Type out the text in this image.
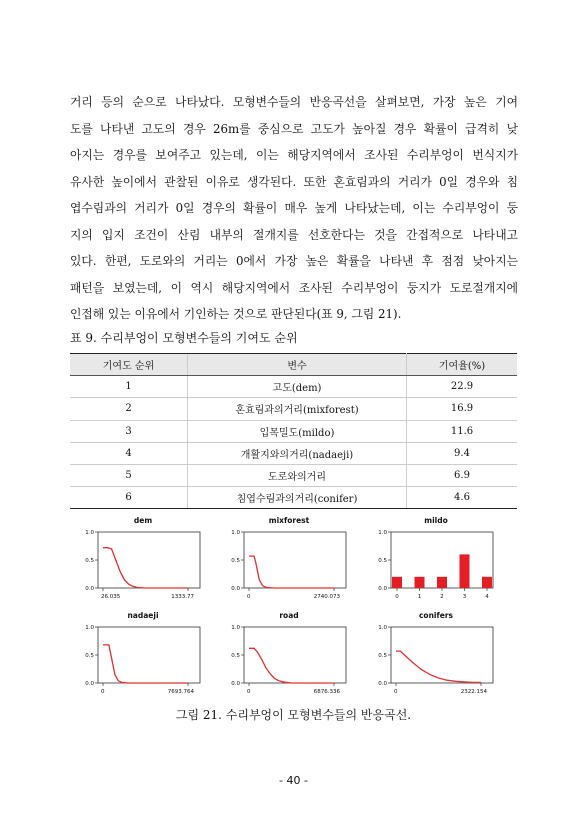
거리 등의 순으로 나타났다. 모형변수들의 반응곡선을 살펴보면, 가장 높은 기여
도를 나타낸 고도의 경우 26m를 중심으로 고도가 높아질 경우 확률이 급격히 낮
아지는 경우를 보여주고 있는데, 이는 해당지역에서 조사된 수리부엉이 번식지가
유사한 높이에서 관찰된 이유로 생각된다. 또한 혼효림과의 거리가 0일 경우와 침
엽수림과의 거리가 0일 경우의 확률이 매우 높게 나타났는데, 이는 수리부엉이 둥
지의 입지 조건이 산림 내부의 절개지를 선호한다는 것을 간접적으로 나타내고
있다. 한편, 도로와의 거리는 0에서 가장 높은 확률을 나타낸 후 점점 낮아지는
패턴을 보였는데, 이 역시 해당지역에서 조사된 수리부엉이 둥지가 도로절개지에
인접해 있는 이유에서 기인하는 것으로 판단된다(표 9, 그림 21).

표 9. 수리부엉이 모형변수들의 기여도 순위

기여도 순위	변수	기여율(%)
1	고도(dem)	22.9
2	혼효림과의거리(mixforest)	16.9
3	입목밀도(mildo)	11.6
4	개활지와의거리(nadaeji)	9.4
5	도로와의거리	6.9
6	침엽수림과의거리(conifer)	4.6
dem
0.0
0.5
1.0
26.035	1333.77
mixforest
0.0
0.5
1.0
0	2740.073
mildo
0.0
0.5
1.0
0	1	2	3	4
nadaeji
0.0
0.5
1.0
0	7693.764
road
0.0
0.5
1.0
0	6876.336
conifers
0.0
0.5
1.0
0	2322.154

그림 21. 수리부엉이 모형변수들의 반응곡선.

- 40 -
